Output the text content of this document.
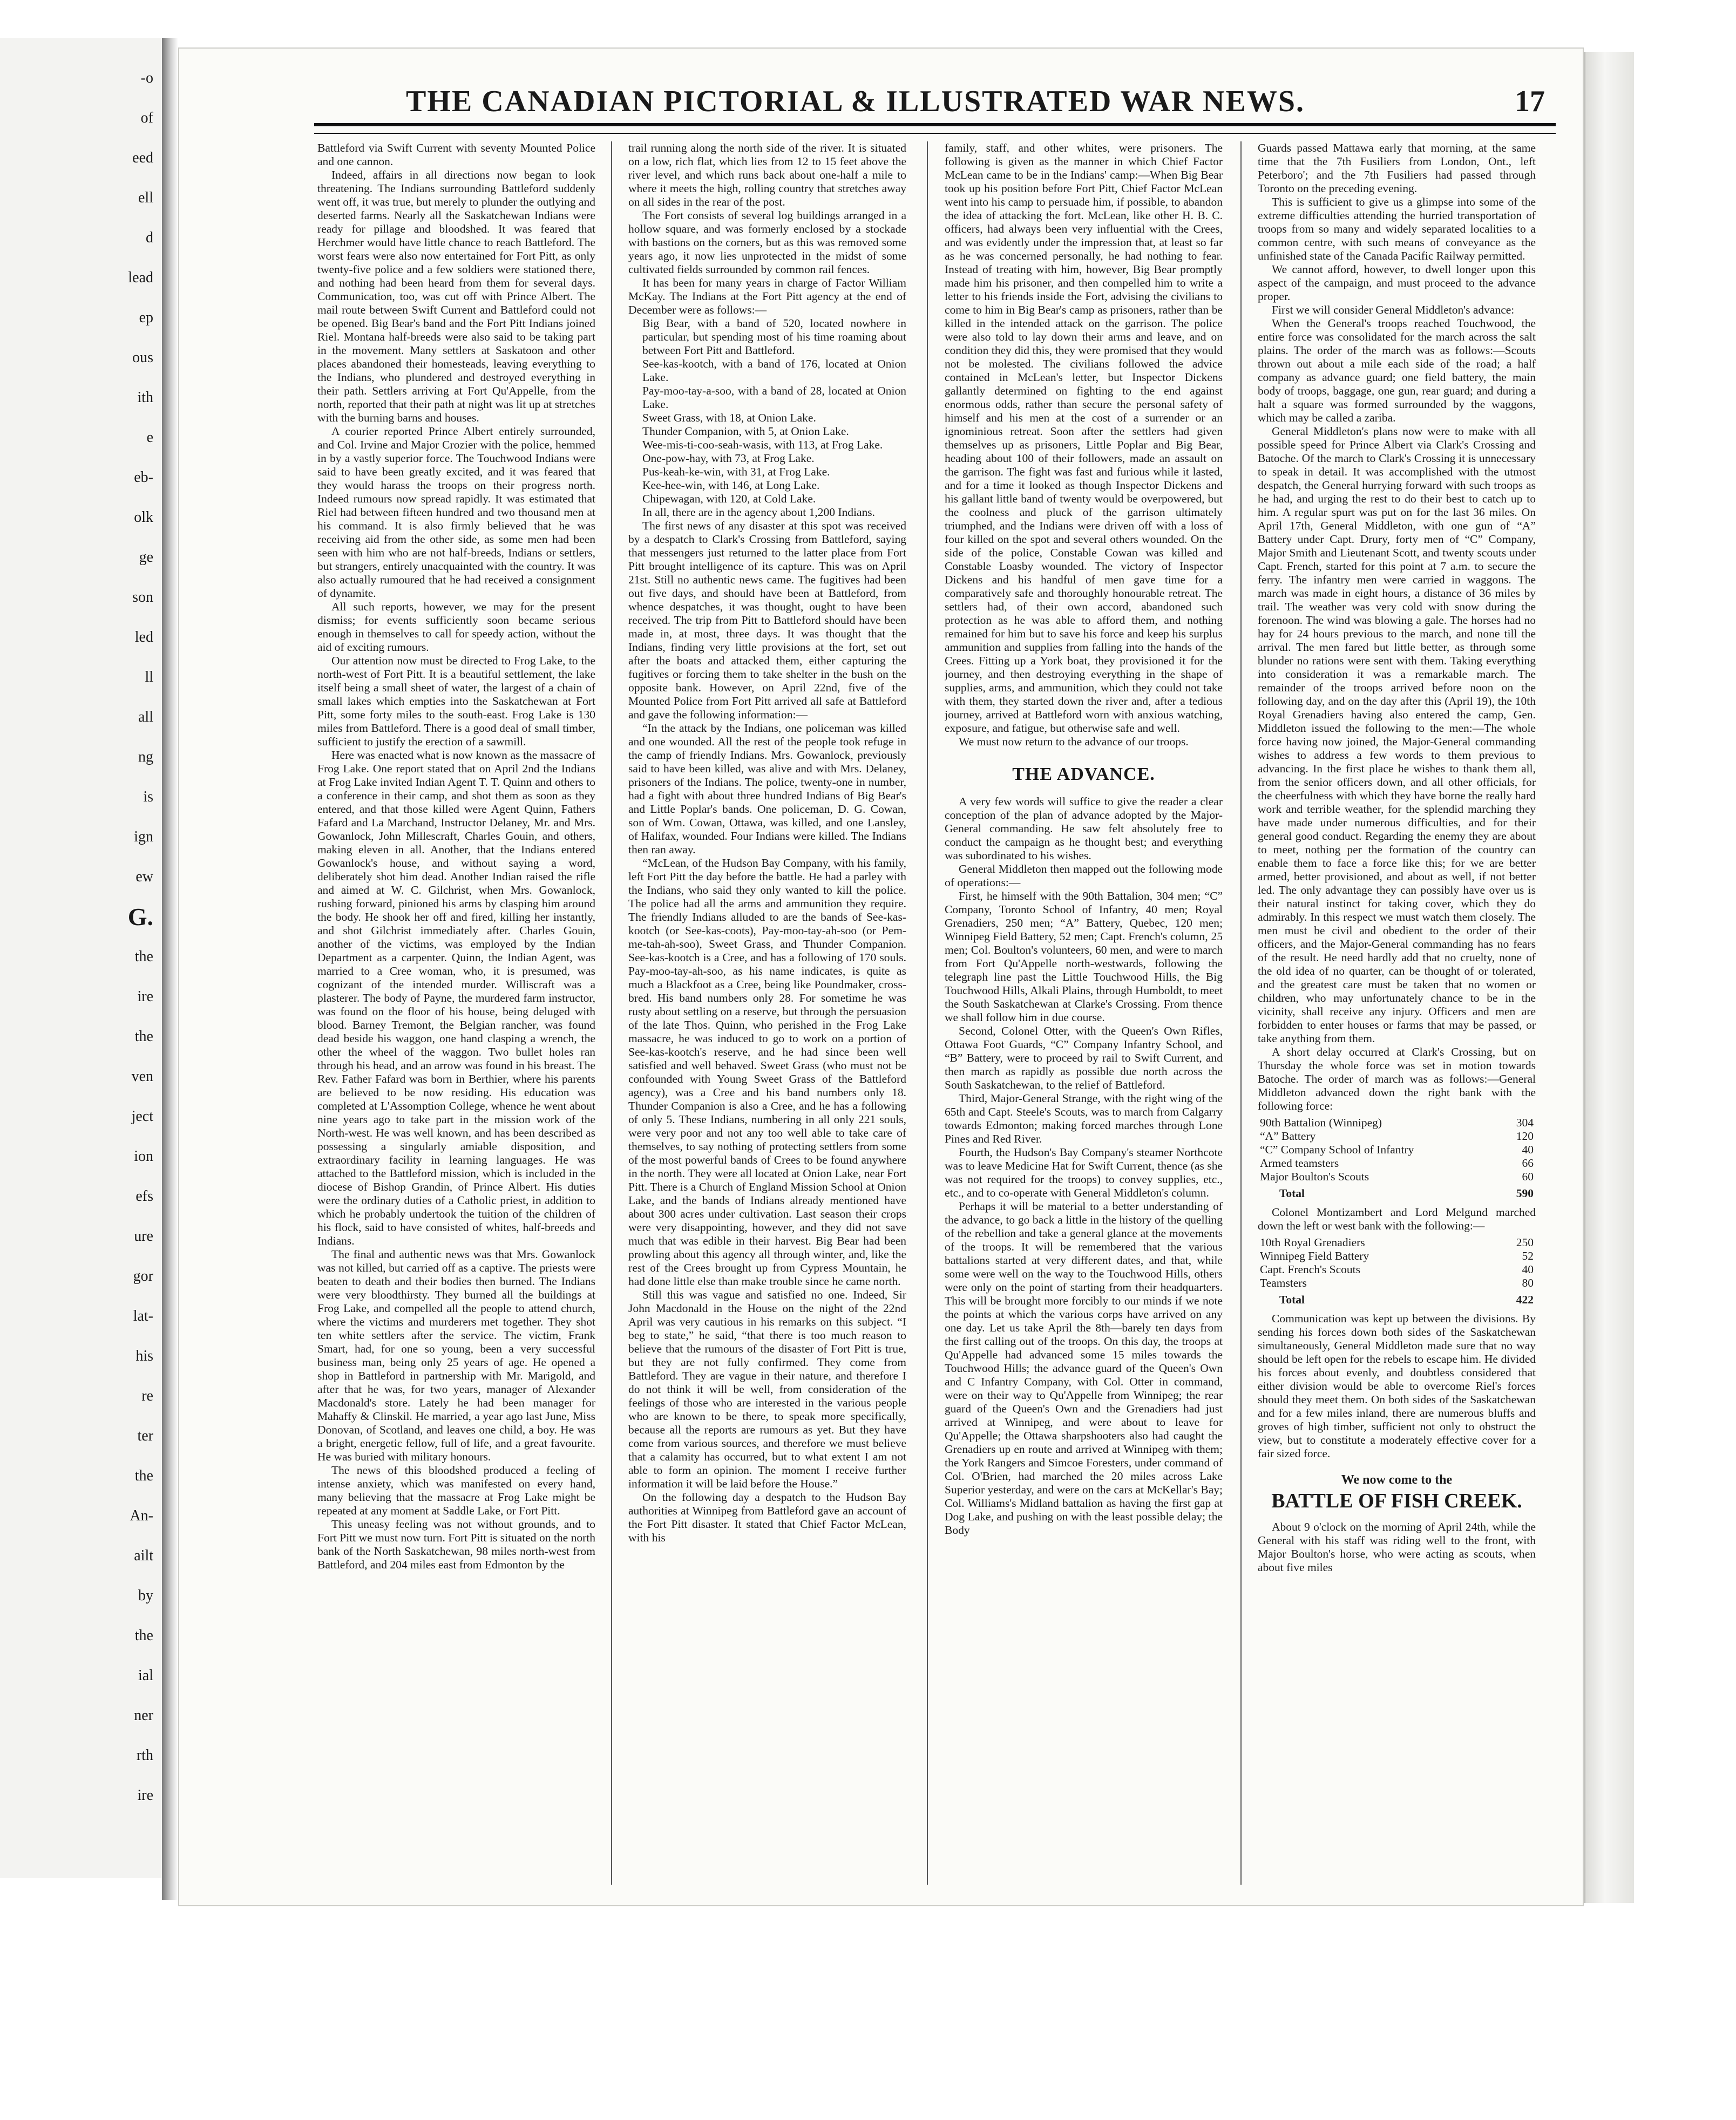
-o
of
eed
ell
d
lead
ep
ous
ith
e
eb-
olk
ge
son
led
ll
all
ng
is
ign
ew
G.
the
ire
the
ven
ject
ion
efs
ure
gor
lat-
his
re
ter
the
An-
ailt
by
the
ial
ner
rth
ire
THE CANADIAN PICTORIAL & ILLUSTRATED WAR NEWS.	17

Battleford via Swift Current with seventy Mounted Police and one cannon.

Indeed, affairs in all directions now began to look threatening. The Indians surrounding Battleford suddenly went off, it was true, but merely to plunder the outlying and deserted farms. Nearly all the Saskatchewan Indians were ready for pillage and bloodshed. It was feared that Herchmer would have little chance to reach Battleford. The worst fears were also now entertained for Fort Pitt, as only twenty-five police and a few soldiers were stationed there, and nothing had been heard from them for several days. Communication, too, was cut off with Prince Albert. The mail route between Swift Current and Battleford could not be opened. Big Bear's band and the Fort Pitt Indians joined Riel. Montana half-breeds were also said to be taking part in the movement. Many settlers at Saskatoon and other places abandoned their homesteads, leaving everything to the Indians, who plundered and destroyed everything in their path. Settlers arriving at Fort Qu'Appelle, from the north, reported that their path at night was lit up at stretches with the burning barns and houses.

A courier reported Prince Albert entirely surrounded, and Col. Irvine and Major Crozier with the police, hemmed in by a vastly superior force. The Touchwood Indians were said to have been greatly excited, and it was feared that they would harass the troops on their progress north. Indeed rumours now spread rapidly. It was estimated that Riel had between fifteen hundred and two thousand men at his command. It is also firmly believed that he was receiving aid from the other side, as some men had been seen with him who are not half-breeds, Indians or settlers, but strangers, entirely unacquainted with the country. It was also actually rumoured that he had received a consignment of dynamite.

All such reports, however, we may for the present dismiss; for events sufficiently soon became serious enough in themselves to call for speedy action, without the aid of exciting rumours.

Our attention now must be directed to Frog Lake, to the north-west of Fort Pitt. It is a beautiful settlement, the lake itself being a small sheet of water, the largest of a chain of small lakes which empties into the Saskatchewan at Fort Pitt, some forty miles to the south-east. Frog Lake is 130 miles from Battleford. There is a good deal of small timber, sufficient to justify the erection of a sawmill.

Here was enacted what is now known as the massacre of Frog Lake. One report stated that on April 2nd the Indians at Frog Lake invited Indian Agent T. T. Quinn and others to a conference in their camp, and shot them as soon as they entered, and that those killed were Agent Quinn, Fathers Fafard and La Marchand, Instructor Delaney, Mr. and Mrs. Gowanlock, John Millescraft, Charles Gouin, and others, making eleven in all. Another, that the Indians entered Gowanlock's house, and without saying a word, deliberately shot him dead. Another Indian raised the rifle and aimed at W. C. Gilchrist, when Mrs. Gowanlock, rushing forward, pinioned his arms by clasping him around the body. He shook her off and fired, killing her instantly, and shot Gilchrist immediately after. Charles Gouin, another of the victims, was employed by the Indian Department as a carpenter. Quinn, the Indian Agent, was married to a Cree woman, who, it is presumed, was cognizant of the intended murder. Williscraft was a plasterer. The body of Payne, the murdered farm instructor, was found on the floor of his house, being deluged with blood. Barney Tremont, the Belgian rancher, was found dead beside his waggon, one hand clasping a wrench, the other the wheel of the waggon. Two bullet holes ran through his head, and an arrow was found in his breast. The Rev. Father Fafard was born in Berthier, where his parents are believed to be now residing. His education was completed at L'Assomption College, whence he went about nine years ago to take part in the mission work of the North-west. He was well known, and has been described as possessing a singularly amiable disposition, and extraordinary facility in learning languages. He was attached to the Battleford mission, which is included in the diocese of Bishop Grandin, of Prince Albert. His duties were the ordinary duties of a Catholic priest, in addition to which he probably undertook the tuition of the children of his flock, said to have consisted of whites, half-breeds and Indians.

The final and authentic news was that Mrs. Gowanlock was not killed, but carried off as a captive. The priests were beaten to death and their bodies then burned. The Indians were very bloodthirsty. They burned all the buildings at Frog Lake, and compelled all the people to attend church, where the victims and murderers met together. They shot ten white settlers after the service. The victim, Frank Smart, had, for one so young, been a very successful business man, being only 25 years of age. He opened a shop in Battleford in partnership with Mr. Marigold, and after that he was, for two years, manager of Alexander Macdonald's store. Lately he had been manager for Mahaffy & Clinskil. He married, a year ago last June, Miss Donovan, of Scotland, and leaves one child, a boy. He was a bright, energetic fellow, full of life, and a great favourite. He was buried with military honours.

The news of this bloodshed produced a feeling of intense anxiety, which was manifested on every hand, many believing that the massacre at Frog Lake might be repeated at any moment at Saddle Lake, or Fort Pitt.

This uneasy feeling was not without grounds, and to Fort Pitt we must now turn. Fort Pitt is situated on the north bank of the North Saskatchewan, 98 miles north-west from Battleford, and 204 miles east from Edmonton by the

trail running along the north side of the river. It is situated on a low, rich flat, which lies from 12 to 15 feet above the river level, and which runs back about one-half a mile to where it meets the high, rolling country that stretches away on all sides in the rear of the post.

The Fort consists of several log buildings arranged in a hollow square, and was formerly enclosed by a stockade with bastions on the corners, but as this was removed some years ago, it now lies unprotected in the midst of some cultivated fields surrounded by common rail fences.

It has been for many years in charge of Factor William McKay. The Indians at the Fort Pitt agency at the end of December were as follows:—

Big Bear, with a band of 520, located nowhere in particular, but spending most of his time roaming about between Fort Pitt and Battleford.

See-kas-kootch, with a band of 176, located at Onion Lake.

Pay-moo-tay-a-soo, with a band of 28, located at Onion Lake.

Sweet Grass, with 18, at Onion Lake.

Thunder Companion, with 5, at Onion Lake.

Wee-mis-ti-coo-seah-wasis, with 113, at Frog Lake.

One-pow-hay, with 73, at Frog Lake.

Pus-keah-ke-win, with 31, at Frog Lake.

Kee-hee-win, with 146, at Long Lake.

Chipewagan, with 120, at Cold Lake.

In all, there are in the agency about 1,200 Indians.

The first news of any disaster at this spot was received by a despatch to Clark's Crossing from Battleford, saying that messengers just returned to the latter place from Fort Pitt brought intelligence of its capture. This was on April 21st. Still no authentic news came. The fugitives had been out five days, and should have been at Battleford, from whence despatches, it was thought, ought to have been received. The trip from Pitt to Battleford should have been made in, at most, three days. It was thought that the Indians, finding very little provisions at the fort, set out after the boats and attacked them, either capturing the fugitives or forcing them to take shelter in the bush on the opposite bank. However, on April 22nd, five of the Mounted Police from Fort Pitt arrived all safe at Battleford and gave the following information:—

“In the attack by the Indians, one policeman was killed and one wounded. All the rest of the people took refuge in the camp of friendly Indians. Mrs. Gowanlock, previously said to have been killed, was alive and with Mrs. Delaney, prisoners of the Indians. The police, twenty-one in number, had a fight with about three hundred Indians of Big Bear's and Little Poplar's bands. One policeman, D. G. Cowan, son of Wm. Cowan, Ottawa, was killed, and one Lansley, of Halifax, wounded. Four Indians were killed. The Indians then ran away.

“McLean, of the Hudson Bay Company, with his family, left Fort Pitt the day before the battle. He had a parley with the Indians, who said they only wanted to kill the police. The police had all the arms and ammunition they require. The friendly Indians alluded to are the bands of See-kas-kootch (or See-kas-coots), Pay-moo-tay-ah-soo (or Pem-me-tah-ah-soo), Sweet Grass, and Thunder Companion. See-kas-kootch is a Cree, and has a following of 170 souls. Pay-moo-tay-ah-soo, as his name indicates, is quite as much a Blackfoot as a Cree, being like Poundmaker, cross-bred. His band numbers only 28. For sometime he was rusty about settling on a reserve, but through the persuasion of the late Thos. Quinn, who perished in the Frog Lake massacre, he was induced to go to work on a portion of See-kas-kootch's reserve, and he had since been well satisfied and well behaved. Sweet Grass (who must not be confounded with Young Sweet Grass of the Battleford agency), was a Cree and his band numbers only 18. Thunder Companion is also a Cree, and he has a following of only 5. These Indians, numbering in all only 221 souls, were very poor and not any too well able to take care of themselves, to say nothing of protecting settlers from some of the most powerful bands of Crees to be found anywhere in the north. They were all located at Onion Lake, near Fort Pitt. There is a Church of England Mission School at Onion Lake, and the bands of Indians already mentioned have about 300 acres under cultivation. Last season their crops were very disappointing, however, and they did not save much that was edible in their harvest. Big Bear had been prowling about this agency all through winter, and, like the rest of the Crees brought up from Cypress Mountain, he had done little else than make trouble since he came north.

Still this was vague and satisfied no one. Indeed, Sir John Macdonald in the House on the night of the 22nd April was very cautious in his remarks on this subject. “I beg to state,” he said, “that there is too much reason to believe that the rumours of the disaster of Fort Pitt is true, but they are not fully confirmed. They come from Battleford. They are vague in their nature, and therefore I do not think it will be well, from consideration of the feelings of those who are interested in the various people who are known to be there, to speak more specifically, because all the reports are rumours as yet. But they have come from various sources, and therefore we must believe that a calamity has occurred, but to what extent I am not able to form an opinion. The moment I receive further information it will be laid before the House.”

On the following day a despatch to the Hudson Bay authorities at Winnipeg from Battleford gave an account of the Fort Pitt disaster. It stated that Chief Factor McLean, with his

family, staff, and other whites, were prisoners. The following is given as the manner in which Chief Factor McLean came to be in the Indians' camp:—When Big Bear took up his position before Fort Pitt, Chief Factor McLean went into his camp to persuade him, if possible, to abandon the idea of attacking the fort. McLean, like other H. B. C. officers, had always been very influential with the Crees, and was evidently under the impression that, at least so far as he was concerned personally, he had nothing to fear. Instead of treating with him, however, Big Bear promptly made him his prisoner, and then compelled him to write a letter to his friends inside the Fort, advising the civilians to come to him in Big Bear's camp as prisoners, rather than be killed in the intended attack on the garrison. The police were also told to lay down their arms and leave, and on condition they did this, they were promised that they would not be molested. The civilians followed the advice contained in McLean's letter, but Inspector Dickens gallantly determined on fighting to the end against enormous odds, rather than secure the personal safety of himself and his men at the cost of a surrender or an ignominious retreat. Soon after the settlers had given themselves up as prisoners, Little Poplar and Big Bear, heading about 100 of their followers, made an assault on the garrison. The fight was fast and furious while it lasted, and for a time it looked as though Inspector Dickens and his gallant little band of twenty would be overpowered, but the coolness and pluck of the garrison ultimately triumphed, and the Indians were driven off with a loss of four killed on the spot and several others wounded. On the side of the police, Constable Cowan was killed and Constable Loasby wounded. The victory of Inspector Dickens and his handful of men gave time for a comparatively safe and thoroughly honourable retreat. The settlers had, of their own accord, abandoned such protection as he was able to afford them, and nothing remained for him but to save his force and keep his surplus ammunition and supplies from falling into the hands of the Crees. Fitting up a York boat, they provisioned it for the journey, and then destroying everything in the shape of supplies, arms, and ammunition, which they could not take with them, they started down the river and, after a tedious journey, arrived at Battleford worn with anxious watching, exposure, and fatigue, but otherwise safe and well.

We must now return to the advance of our troops.

THE ADVANCE.

A very few words will suffice to give the reader a clear conception of the plan of advance adopted by the Major-General commanding. He saw felt absolutely free to conduct the campaign as he thought best; and everything was subordinated to his wishes.

General Middleton then mapped out the following mode of operations:—

First, he himself with the 90th Battalion, 304 men; “C” Company, Toronto School of Infantry, 40 men; Royal Grenadiers, 250 men; “A” Battery, Quebec, 120 men; Winnipeg Field Battery, 52 men; Capt. French's column, 25 men; Col. Boulton's volunteers, 60 men, and were to march from Fort Qu'Appelle north-westwards, following the telegraph line past the Little Touchwood Hills, the Big Touchwood Hills, Alkali Plains, through Humboldt, to meet the South Saskatchewan at Clarke's Crossing. From thence we shall follow him in due course.

Second, Colonel Otter, with the Queen's Own Rifles, Ottawa Foot Guards, “C” Company Infantry School, and “B” Battery, were to proceed by rail to Swift Current, and then march as rapidly as possible due north across the South Saskatchewan, to the relief of Battleford.

Third, Major-General Strange, with the right wing of the 65th and Capt. Steele's Scouts, was to march from Calgarry towards Edmonton; making forced marches through Lone Pines and Red River.

Fourth, the Hudson's Bay Company's steamer Northcote was to leave Medicine Hat for Swift Current, thence (as she was not required for the troops) to convey supplies, etc., etc., and to co-operate with General Middleton's column.

Perhaps it will be material to a better understanding of the advance, to go back a little in the history of the quelling of the rebellion and take a general glance at the movements of the troops. It will be remembered that the various battalions started at very different dates, and that, while some were well on the way to the Touchwood Hills, others were only on the point of starting from their headquarters. This will be brought more forcibly to our minds if we note the points at which the various corps have arrived on any one day. Let us take April the 8th—barely ten days from the first calling out of the troops. On this day, the troops at Qu'Appelle had advanced some 15 miles towards the Touchwood Hills; the advance guard of the Queen's Own and C Infantry Company, with Col. Otter in command, were on their way to Qu'Appelle from Winnipeg; the rear guard of the Queen's Own and the Grenadiers had just arrived at Winnipeg, and were about to leave for Qu'Appelle; the Ottawa sharpshooters also had caught the Grenadiers up en route and arrived at Winnipeg with them; the York Rangers and Simcoe Foresters, under command of Col. O'Brien, had marched the 20 miles across Lake Superior yesterday, and were on the cars at McKellar's Bay; Col. Williams's Midland battalion as having the first gap at Dog Lake, and pushing on with the least possible delay; the Body

Guards passed Mattawa early that morning, at the same time that the 7th Fusiliers from London, Ont., left Peterboro'; and the 7th Fusiliers had passed through Toronto on the preceding evening.

This is sufficient to give us a glimpse into some of the extreme difficulties attending the hurried transportation of troops from so many and widely separated localities to a common centre, with such means of conveyance as the unfinished state of the Canada Pacific Railway permitted.

We cannot afford, however, to dwell longer upon this aspect of the campaign, and must proceed to the advance proper.

First we will consider General Middleton's advance:

When the General's troops reached Touchwood, the entire force was consolidated for the march across the salt plains. The order of the march was as follows:—Scouts thrown out about a mile each side of the road; a half company as advance guard; one field battery, the main body of troops, baggage, one gun, rear guard; and during a halt a square was formed surrounded by the waggons, which may be called a zariba.

General Middleton's plans now were to make with all possible speed for Prince Albert via Clark's Crossing and Batoche. Of the march to Clark's Crossing it is unnecessary to speak in detail. It was accomplished with the utmost despatch, the General hurrying forward with such troops as he had, and urging the rest to do their best to catch up to him. A regular spurt was put on for the last 36 miles. On April 17th, General Middleton, with one gun of “A” Battery under Capt. Drury, forty men of “C” Company, Major Smith and Lieutenant Scott, and twenty scouts under Capt. French, started for this point at 7 a.m. to secure the ferry. The infantry men were carried in waggons. The march was made in eight hours, a distance of 36 miles by trail. The weather was very cold with snow during the forenoon. The wind was blowing a gale. The horses had no hay for 24 hours previous to the march, and none till the arrival. The men fared but little better, as through some blunder no rations were sent with them. Taking everything into consideration it was a remarkable march. The remainder of the troops arrived before noon on the following day, and on the day after this (April 19), the 10th Royal Grenadiers having also entered the camp, Gen. Middleton issued the following to the men:—The whole force having now joined, the Major-General commanding wishes to address a few words to them previous to advancing. In the first place he wishes to thank them all, from the senior officers down, and all other officials, for the cheerfulness with which they have borne the really hard work and terrible weather, for the splendid marching they have made under numerous difficulties, and for their general good conduct. Regarding the enemy they are about to meet, nothing per the formation of the country can enable them to face a force like this; for we are better armed, better provisioned, and about as well, if not better led. The only advantage they can possibly have over us is their natural instinct for taking cover, which they do admirably. In this respect we must watch them closely. The men must be civil and obedient to the order of their officers, and the Major-General commanding has no fears of the result. He need hardly add that no cruelty, none of the old idea of no quarter, can be thought of or tolerated, and the greatest care must be taken that no women or children, who may unfortunately chance to be in the vicinity, shall receive any injury. Officers and men are forbidden to enter houses or farms that may be passed, or take anything from them.

A short delay occurred at Clark's Crossing, but on Thursday the whole force was set in motion towards Batoche. The order of march was as follows:—General Middleton advanced down the right bank with the following force:

90th Battalion (Winnipeg)	304
“A” Battery	120
“C” Company School of Infantry	40
Armed teamsters	66
Major Boulton's Scouts	60
Total	590

Colonel Montizambert and Lord Melgund marched down the left or west bank with the following:—

10th Royal Grenadiers	250
Winnipeg Field Battery	52
Capt. French's Scouts	40
Teamsters	80
Total	422

Communication was kept up between the divisions. By sending his forces down both sides of the Saskatchewan simultaneously, General Middleton made sure that no way should be left open for the rebels to escape him. He divided his forces about evenly, and doubtless considered that either division would be able to overcome Riel's forces should they meet them. On both sides of the Saskatchewan and for a few miles inland, there are numerous bluffs and groves of high timber, sufficient not only to obstruct the view, but to constitute a moderately effective cover for a fair sized force.

We now come to the
BATTLE OF FISH CREEK.

About 9 o'clock on the morning of April 24th, while the General with his staff was riding well to the front, with Major Boulton's horse, who were acting as scouts, when about five miles
